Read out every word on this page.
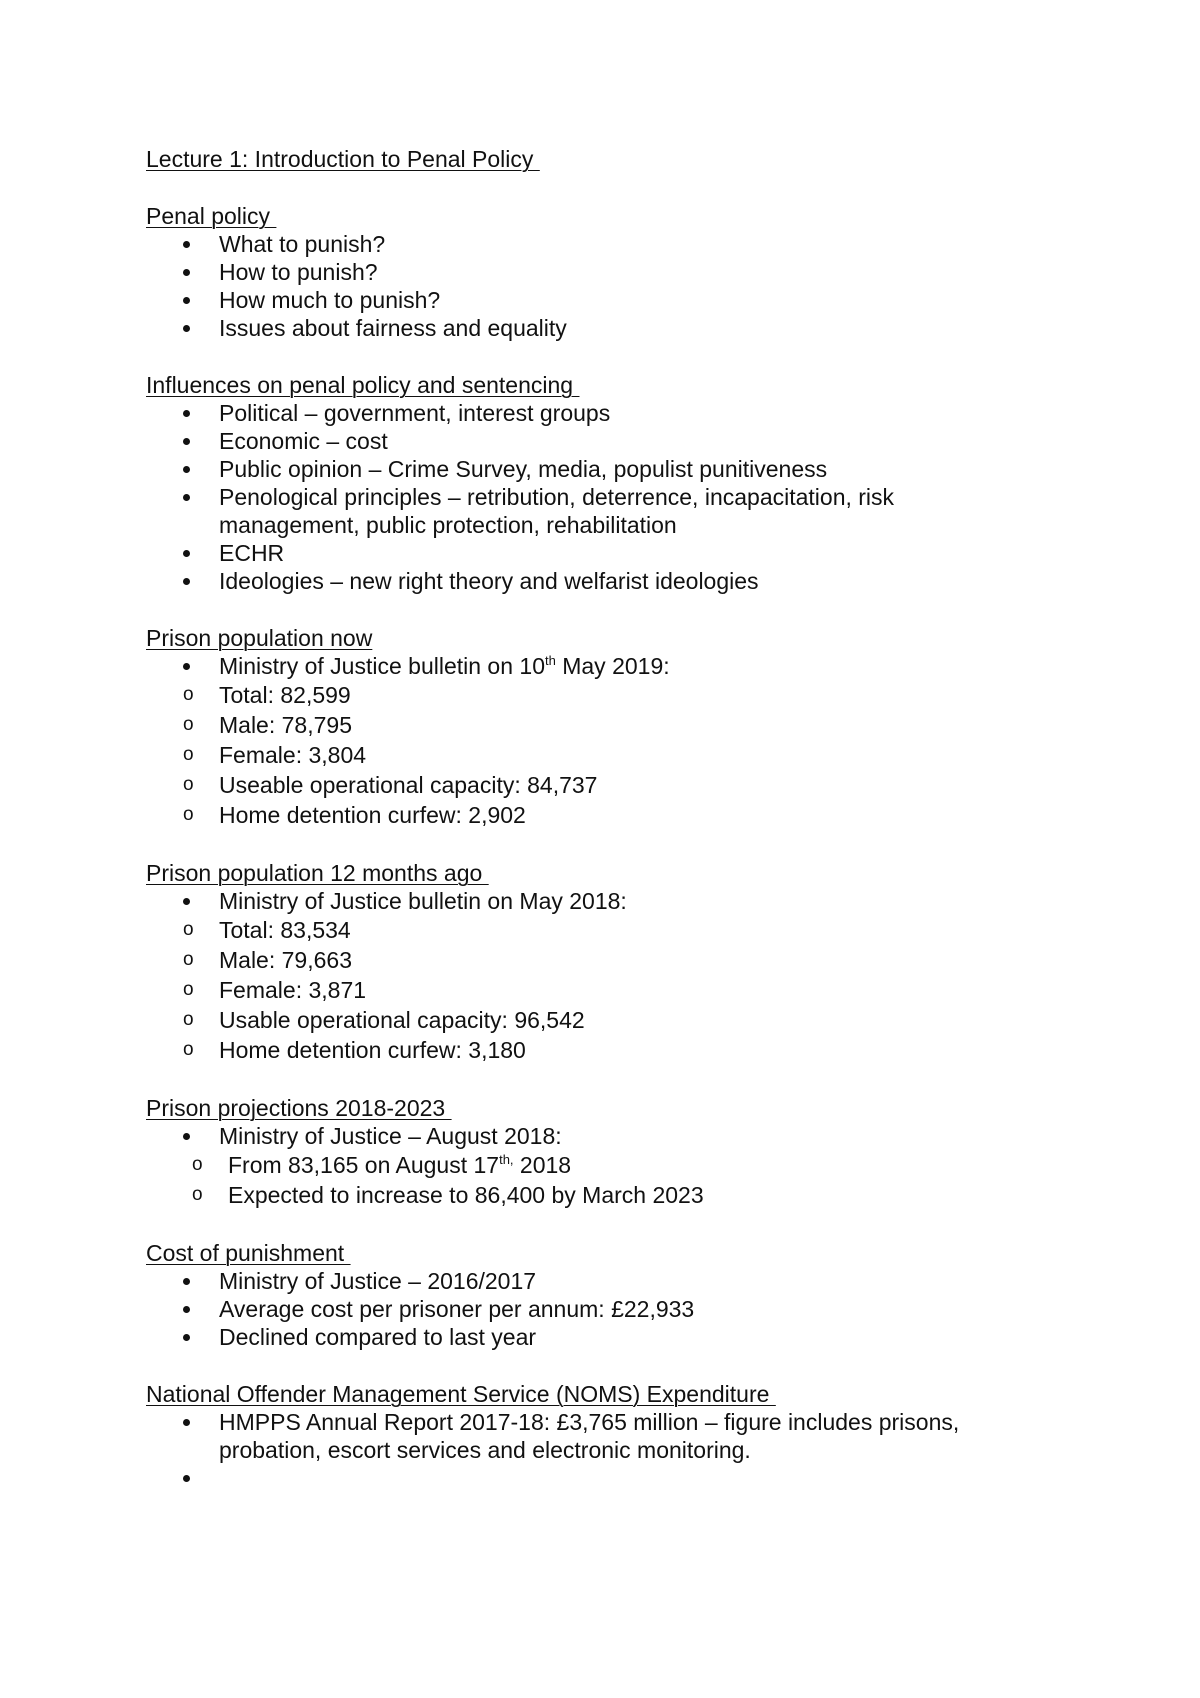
Lecture 1: Introduction to Penal Policy
Penal policy
What to punish?
How to punish?
How much to punish?
Issues about fairness and equality
Influences on penal policy and sentencing
Political – government, interest groups
Economic – cost
Public opinion – Crime Survey, media, populist punitiveness
Penological principles – retribution, deterrence, incapacitation, risk management, public protection, rehabilitation
ECHR
Ideologies – new right theory and welfarist ideologies
Prison population now
Ministry of Justice bulletin on 10th May 2019:
o Total: 82,599
o Male: 78,795
o Female: 3,804
o Useable operational capacity: 84,737
o Home detention curfew: 2,902
Prison population 12 months ago
Ministry of Justice bulletin on May 2018:
o Total: 83,534
o Male: 79,663
o Female: 3,871
o Usable operational capacity: 96,542
o Home detention curfew: 3,180
Prison projections 2018-2023
Ministry of Justice – August 2018:
o From 83,165 on August $17^{th,}$ 2018
o Expected to increase to 86,400 by March 2023
Cost of punishment
Ministry of Justice – 2016/2017
Average cost per prisoner per annum: £22,933
Declined compared to last year
National Offender Management Service (NOMS) Expenditure
HMPPS Annual Report 2017-18: £3,765 million – figure includes prisons, probation, escort services and electronic monitoring.
